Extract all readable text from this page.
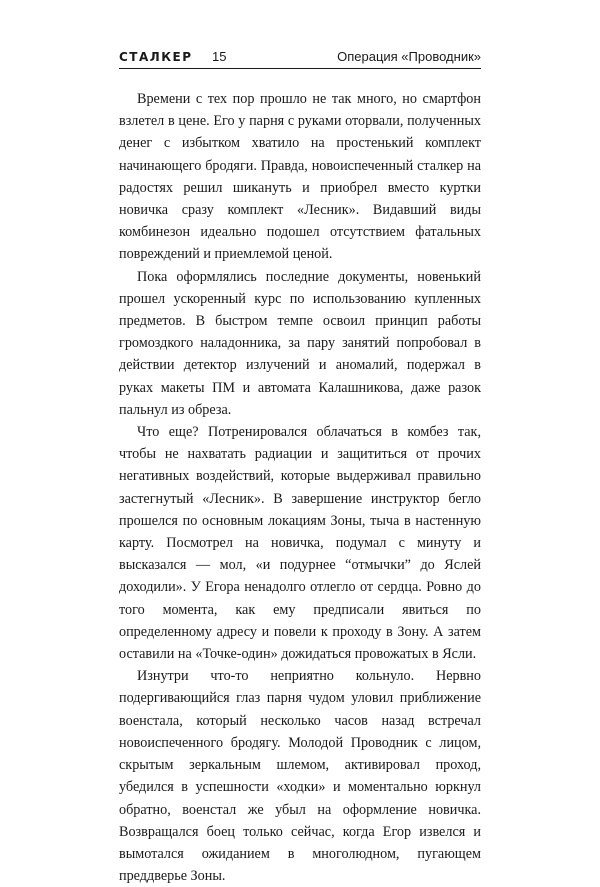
СТАЛКЕР 15	Операция «Проводник»

Времени с тех пор прошло не так много, но смартфон взлетел в цене. Его у парня с руками оторвали, полученных денег с избытком хватило на простенький комплект начинающего бродяги. Правда, новоиспеченный сталкер на радостях решил шикануть и приобрел вместо куртки новичка сразу комплект «Лесник». Видавший виды комбинезон идеально подошел отсутствием фатальных повреждений и приемлемой ценой.

Пока оформлялись последние документы, новенький прошел ускоренный курс по использованию купленных предметов. В быстром темпе освоил принцип работы громоздкого наладонника, за пару занятий попробовал в действии детектор излучений и аномалий, подержал в руках макеты ПМ и автомата Калашникова, даже разок пальнул из обреза.

Что еще? Потренировался облачаться в комбез так, чтобы не нахватать радиации и защититься от прочих негативных воздействий, которые выдерживал правильно застегнутый «Лесник». В завершение инструктор бегло прошелся по основным локациям Зоны, тыча в настенную карту. Посмотрел на новичка, подумал с минуту и высказался — мол, «и подурнее “отмычки” до Яслей доходили». У Егора ненадолго отлегло от сердца. Ровно до того момента, как ему предписали явиться по определенному адресу и повели к проходу в Зону. А затем оставили на «Точке-один» дожидаться провожатых в Ясли.

Изнутри что-то неприятно кольнуло. Нервно подергивающийся глаз парня чудом уловил приближение военстала, который несколько часов назад встречал новоиспеченного бродягу. Молодой Проводник с лицом, скрытым зеркальным шлемом, активировал проход, убедился в успешности «ходки» и моментально юркнул обратно, военстал же убыл на оформление новичка. Возвращался боец только сейчас, когда Егор извелся и вымотался ожиданием в многолюдном, пугающем преддверье Зоны.
